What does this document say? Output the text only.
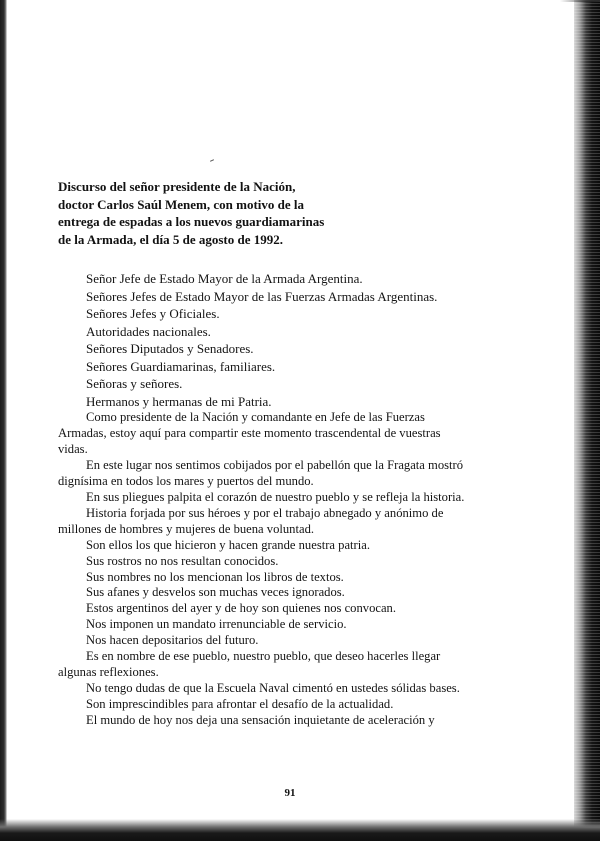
Discurso del señor presidente de la Nación, doctor Carlos Saúl Menem, con motivo de la entrega de espadas a los nuevos guardiamarinas de la Armada, el día 5 de agosto de 1992.
Señor Jefe de Estado Mayor de la Armada Argentina.
Señores Jefes de Estado Mayor de las Fuerzas Armadas Argentinas.
Señores Jefes y Oficiales.
Autoridades nacionales.
Señores Diputados y Senadores.
Señores Guardiamarinas, familiares.
Señoras y señores.
Hermanos y hermanas de mi Patria.

Como presidente de la Nación y comandante en Jefe de las Fuerzas Armadas, estoy aquí para compartir este momento trascendental de vuestras vidas.

En este lugar nos sentimos cobijados por el pabellón que la Fragata mostró dignísima en todos los mares y puertos del mundo.

En sus pliegues palpita el corazón de nuestro pueblo y se refleja la historia.

Historia forjada por sus héroes y por el trabajo abnegado y anónimo de millones de hombres y mujeres de buena voluntad.

Son ellos los que hicieron y hacen grande nuestra patria.

Sus rostros no nos resultan conocidos.

Sus nombres no los mencionan los libros de textos.

Sus afanes y desvelos son muchas veces ignorados.

Estos argentinos del ayer y de hoy son quienes nos convocan.

Nos imponen un mandato irrenunciable de servicio.

Nos hacen depositarios del futuro.

Es en nombre de ese pueblo, nuestro pueblo, que deseo hacerles llegar algunas reflexiones.

No tengo dudas de que la Escuela Naval cimentó en ustedes sólidas bases.

Son imprescindibles para afrontar el desafío de la actualidad.

El mundo de hoy nos deja una sensación inquietante de aceleración y

91
